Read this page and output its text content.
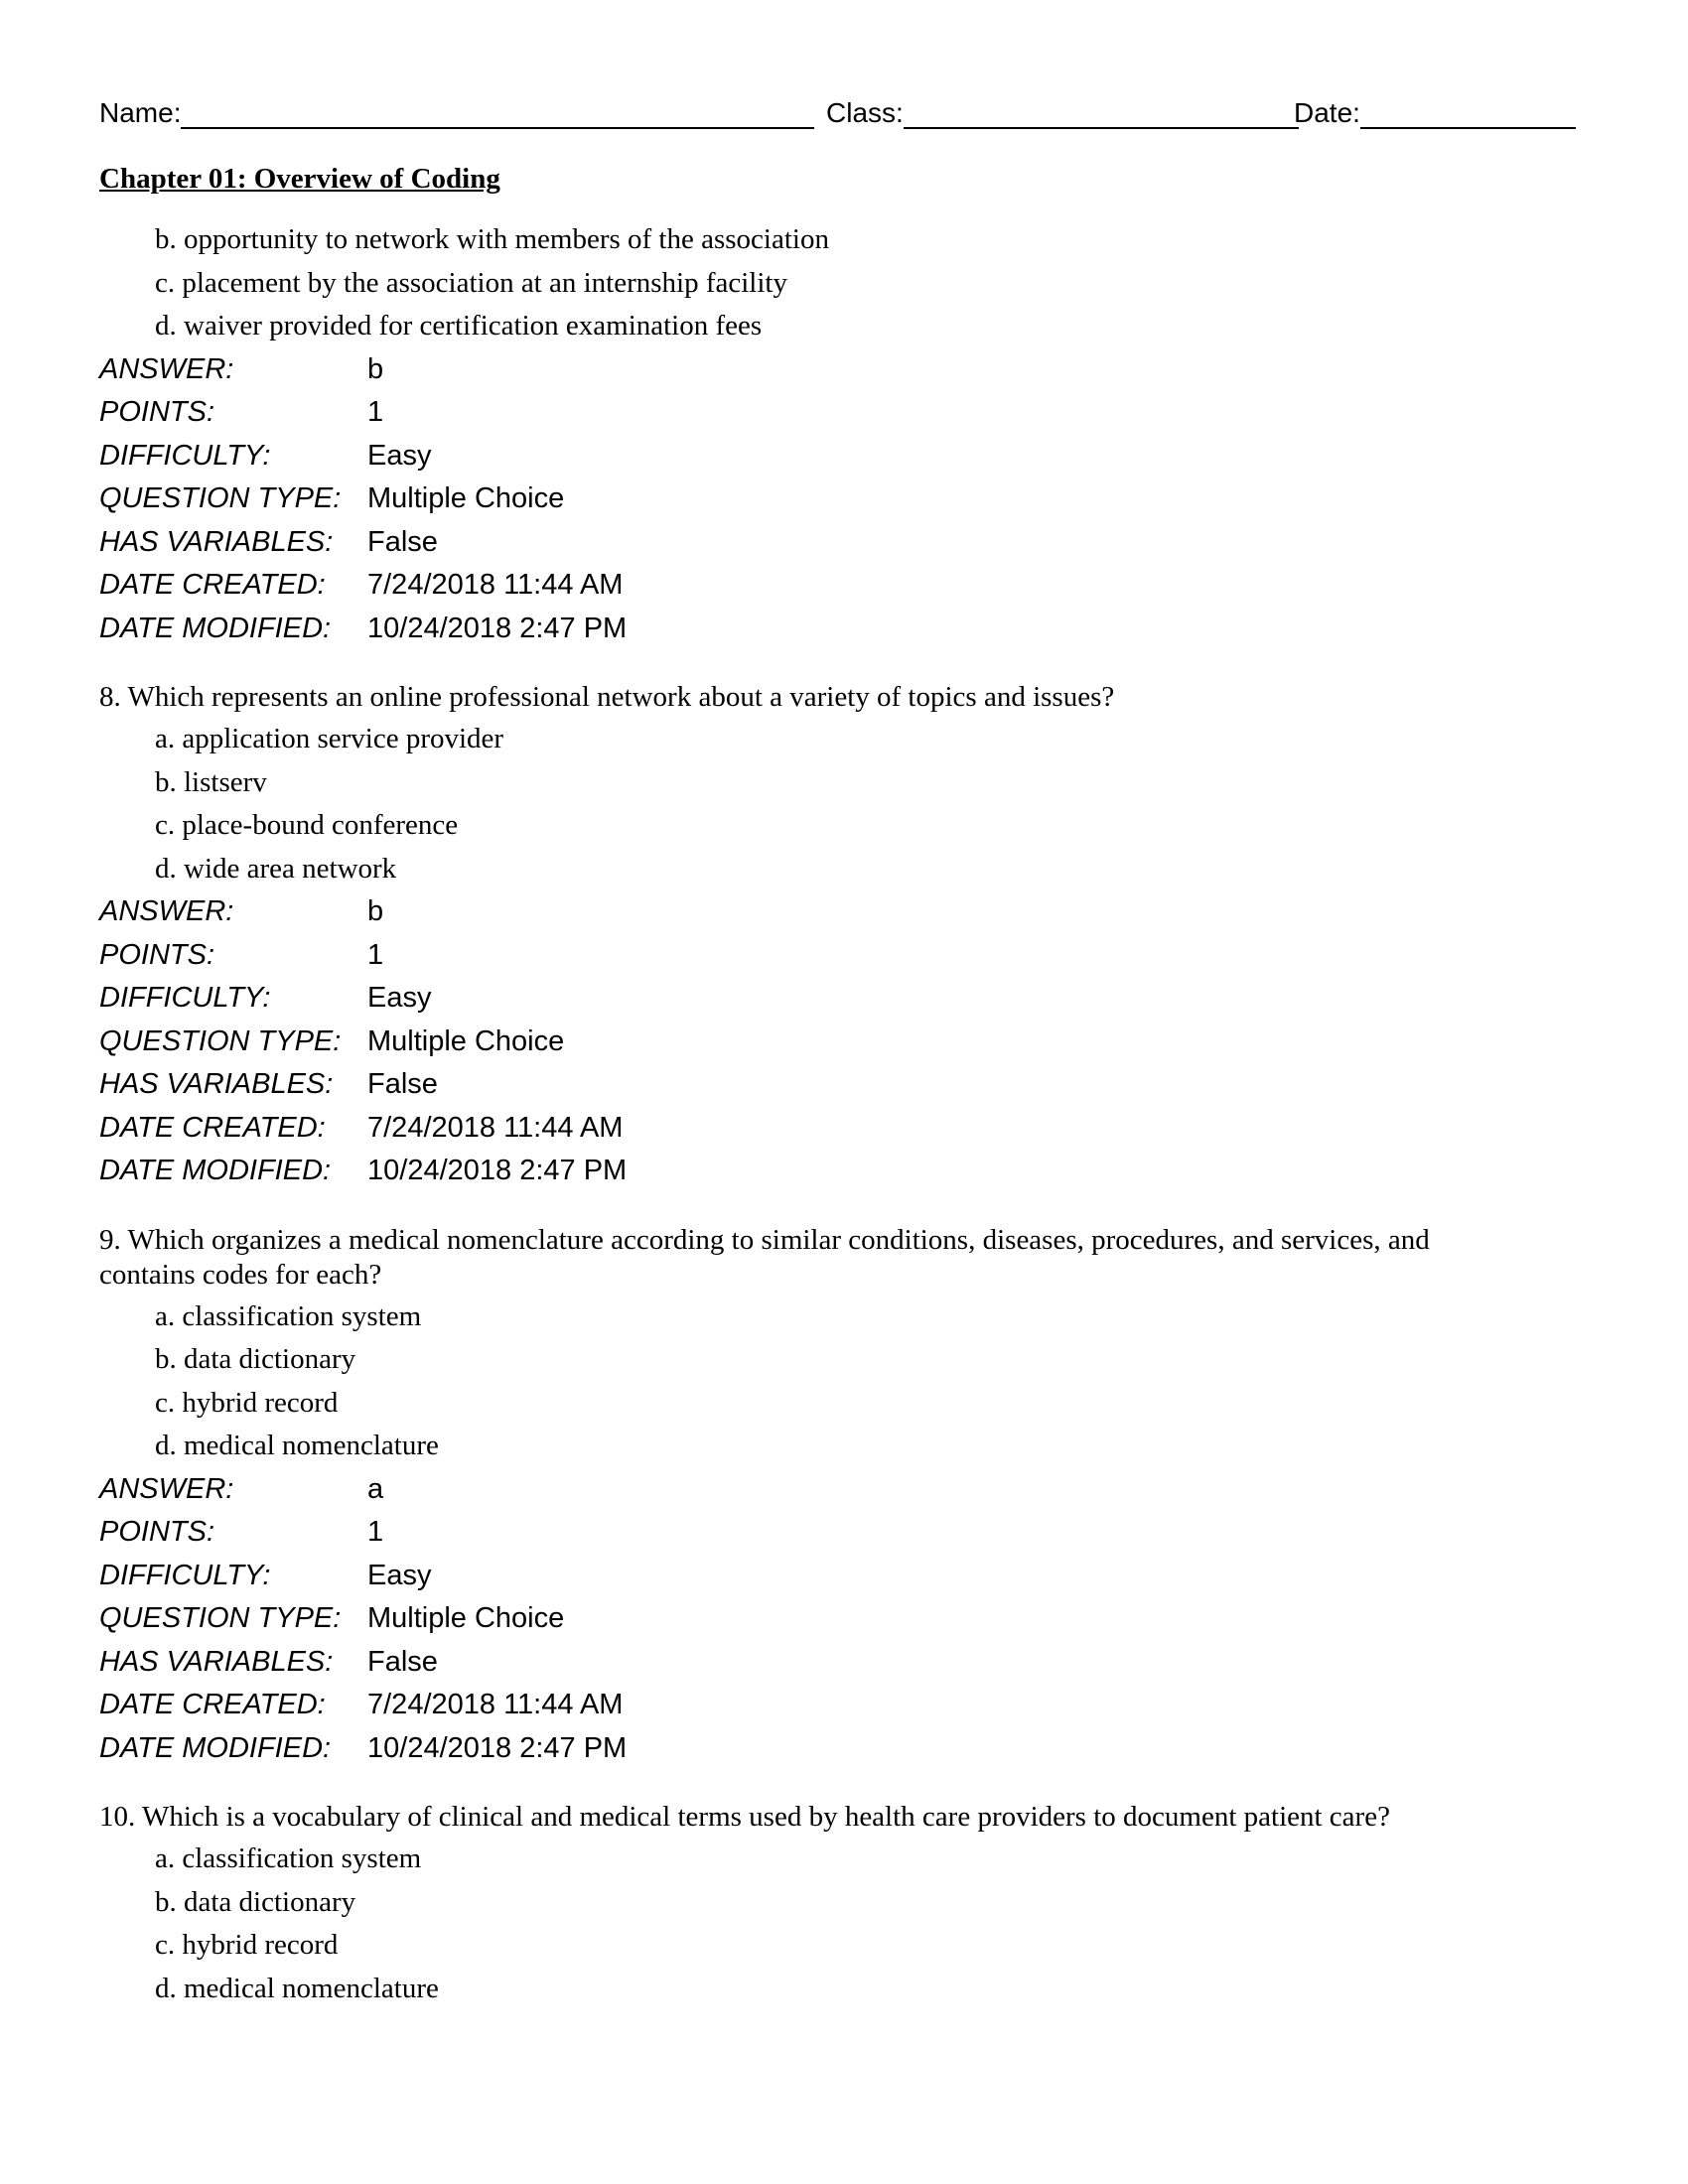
Name:	Class:	Date:
Chapter 01: Overview of Coding
b. opportunity to network with members of the association
c. placement by the association at an internship facility
d. waiver provided for certification examination fees
ANSWER:	b
POINTS:	1
DIFFICULTY:	Easy
QUESTION TYPE: Multiple Choice
HAS VARIABLES:	False
DATE CREATED:	7/24/2018 11:44 AM
DATE MODIFIED:	10/24/2018 2:47 PM
8. Which represents an online professional network about a variety of topics and issues?
a. application service provider
b. listserv
c. place-bound conference
d. wide area network
ANSWER:	b
POINTS:	1
DIFFICULTY:	Easy
QUESTION TYPE: Multiple Choice
HAS VARIABLES:	False
DATE CREATED:	7/24/2018 11:44 AM
DATE MODIFIED:	10/24/2018 2:47 PM
9. Which organizes a medical nomenclature according to similar conditions, diseases, procedures, and services, and contains codes for each?
a. classification system
b. data dictionary
c. hybrid record
d. medical nomenclature
ANSWER:	a
POINTS:	1
DIFFICULTY:	Easy
QUESTION TYPE: Multiple Choice
HAS VARIABLES:	False
DATE CREATED:	7/24/2018 11:44 AM
DATE MODIFIED:	10/24/2018 2:47 PM
10. Which is a vocabulary of clinical and medical terms used by health care providers to document patient care?
a. classification system
b. data dictionary
c. hybrid record
d. medical nomenclature
